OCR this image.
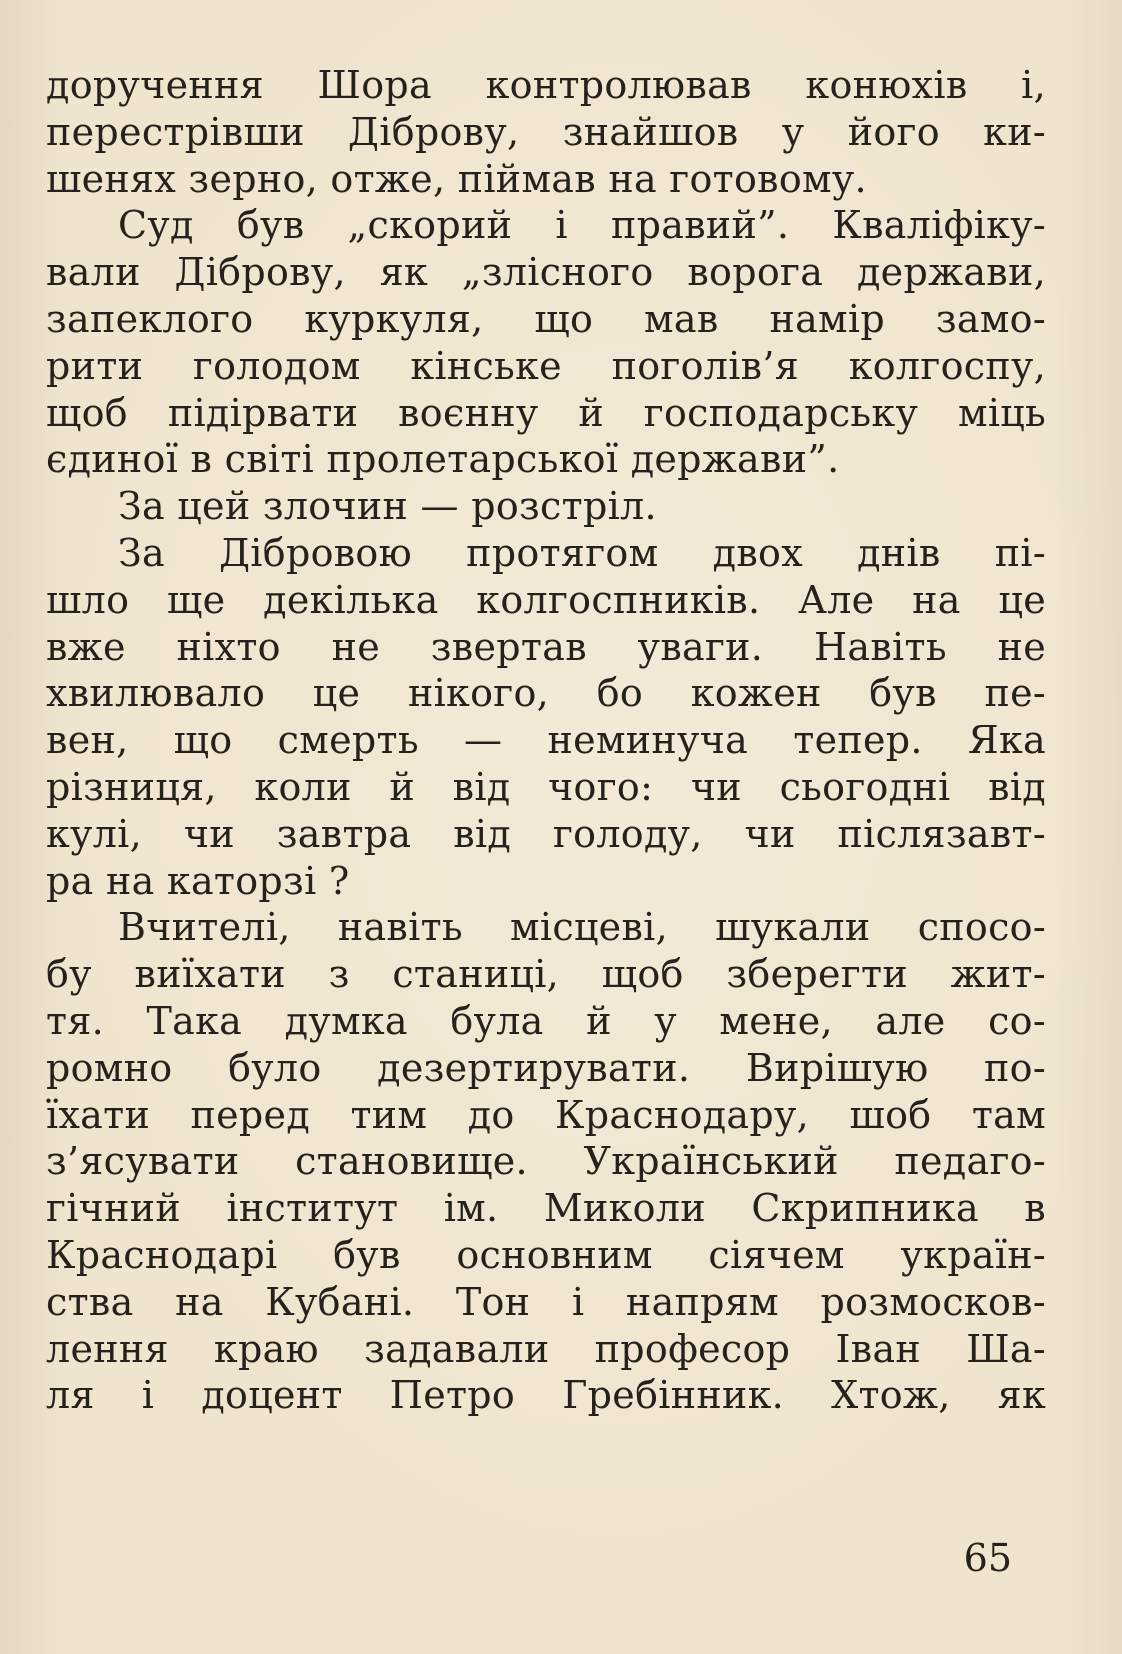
доручення Шора контролював конюхів і,
перестрівши Діброву, знайшов у його ки-
шенях зерно, отже, піймав на готовому.
Суд був „скорий і правий”. Кваліфіку-
вали Діброву, як „злісного ворога держави,
запеклого куркуля, що мав намір замо-
рити голодом кінське поголів’я колгоспу,
щоб підірвати воєнну й господарську міць
єдиної в світі пролетарської держави”.
За цей злочин — розстріл.
За Дібровою протягом двох днів пі-
шло ще декілька колгоспників. Але на це
вже ніхто не звертав уваги. Навіть не
хвилювало це нікого, бо кожен був пе-
вен, що смерть — неминуча тепер. Яка
різниця, коли й від чого: чи сьогодні від
кулі, чи завтра від голоду, чи післязавт-
ра на каторзі ?
Вчителі, навіть місцеві, шукали спосо-
бу виїхати з станиці, щоб зберегти жит-
тя. Така думка була й у мене, але со-
ромно було дезертирувати. Вирішую по-
їхати перед тим до Краснодару, шоб там
з’ясувати становище. Український педаго-
гічний інститут ім. Миколи Скрипника в
Краснодарі був основним сіячем україн-
ства на Кубані. Тон і напрям розмоскoв-
лення краю задавали професор Іван Ша-
ля і доцент Петро Гребінник. Хтож, як
65
